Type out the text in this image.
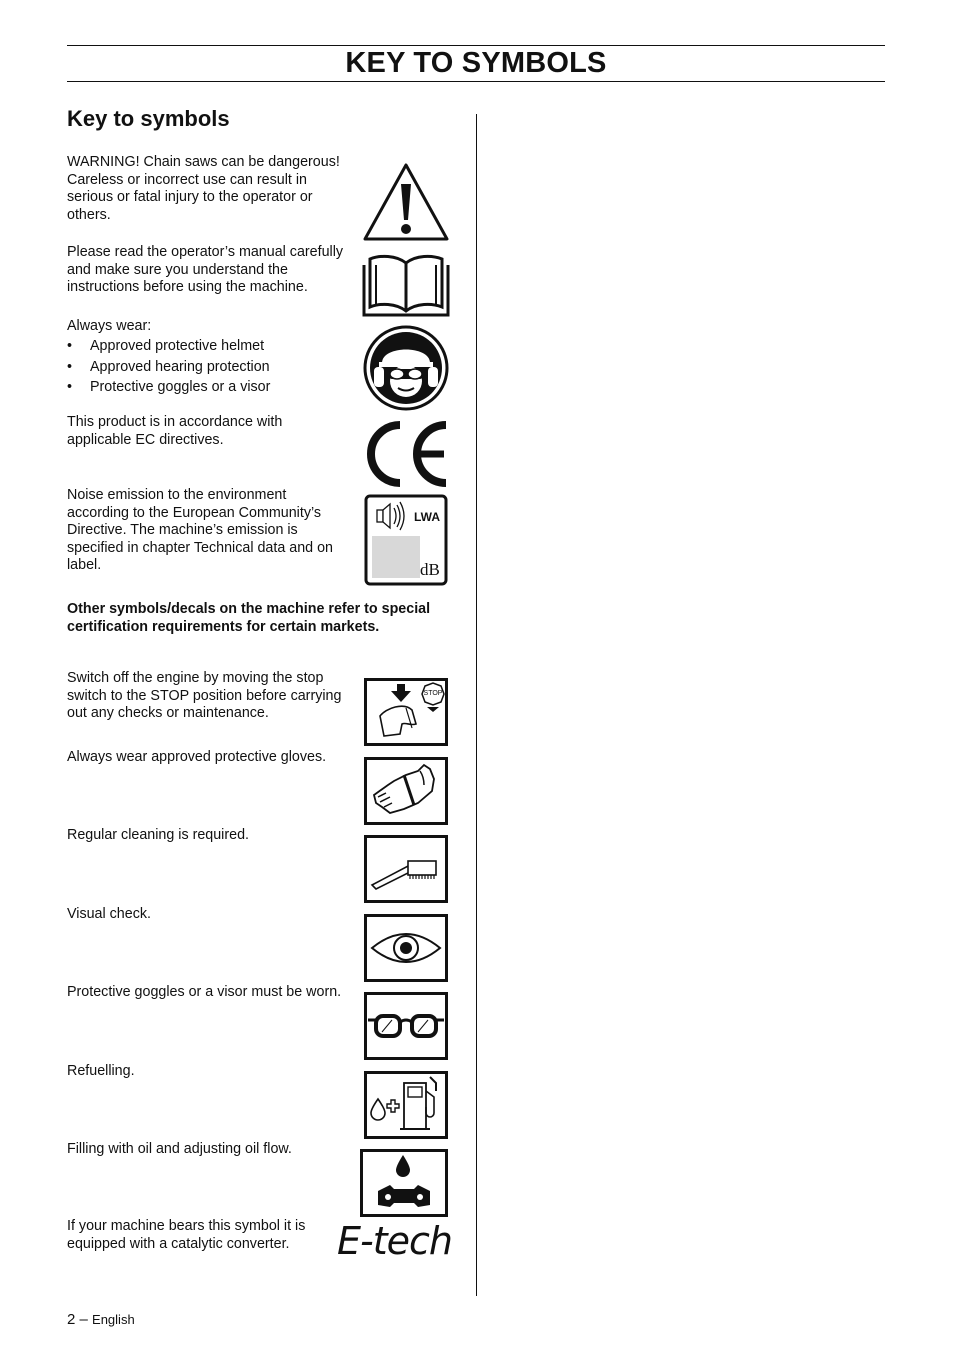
KEY TO SYMBOLS
Key to symbols

WARNING! Chain saws can be dangerous! Careless or incorrect use can result in serious or fatal injury to the operator or others.

Please read the operator’s manual carefully and make sure you understand the instructions before using the machine.

Always wear:

• Approved protective helmet
• Approved hearing protection
• Protective goggles or a visor

This product is in accordance with applicable EC directives.

Noise emission to the environment according to the European Community’s Directive. The machine’s emission is specified in chapter Technical data and on label.

LWA
dB

Other symbols/decals on the machine refer to special certification requirements for certain markets.

Switch off the engine by moving the stop switch to the STOP position before carrying out any checks or maintenance.

STOP

Always wear approved protective gloves.

Regular cleaning is required.

Visual check.

Protective goggles or a visor must be worn.

Refuelling.

Filling with oil and adjusting oil flow.

If your machine bears this symbol it is equipped with a catalytic converter.	E-tech
2 – English
